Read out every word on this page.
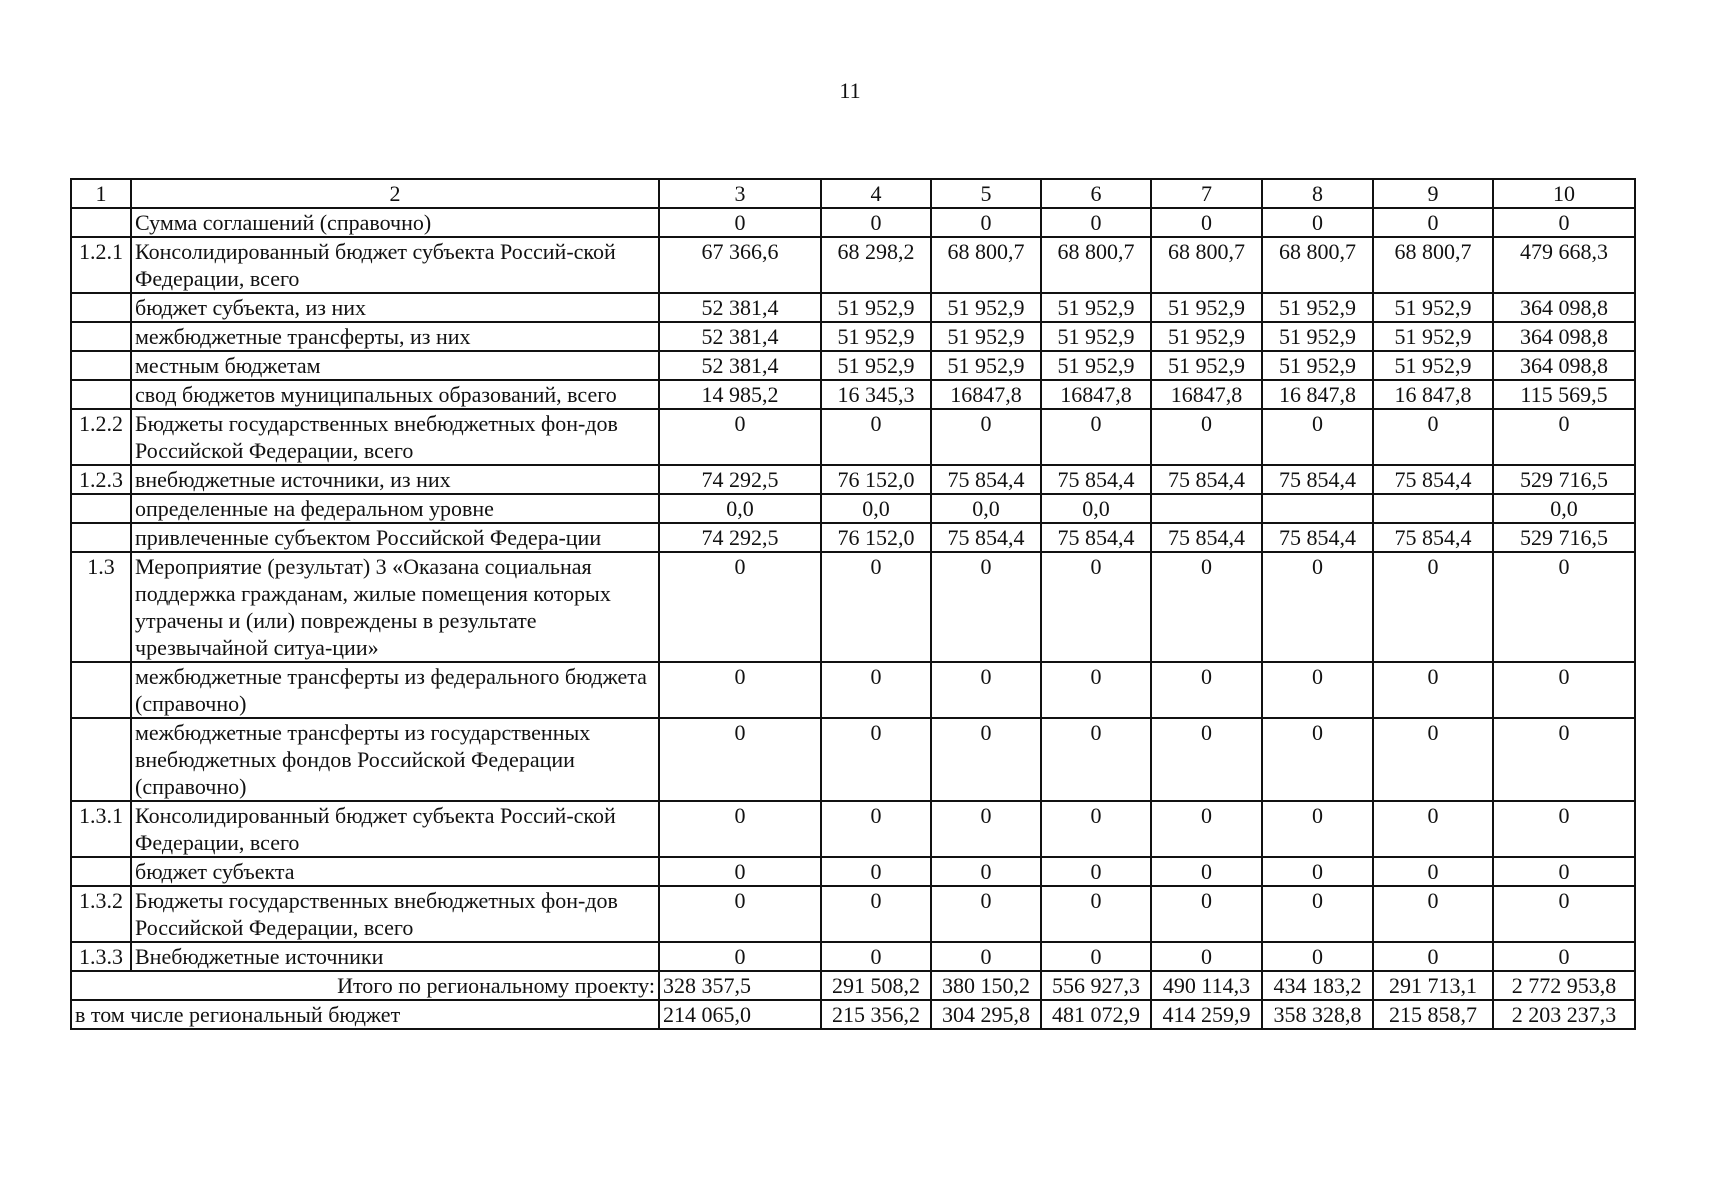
11
1	2	3	4	5	6	7	8	9	10
	Сумма соглашений (справочно)	0	0	0	0	0	0	0	0
1.2.1	Консолидированный бюджет субъекта Россий-ской Федерации, всего	67 366,6	68 298,2	68 800,7	68 800,7	68 800,7	68 800,7	68 800,7	479 668,3
	бюджет субъекта, из них	52 381,4	51 952,9	51 952,9	51 952,9	51 952,9	51 952,9	51 952,9	364 098,8
	межбюджетные трансферты, из них	52 381,4	51 952,9	51 952,9	51 952,9	51 952,9	51 952,9	51 952,9	364 098,8
	местным бюджетам	52 381,4	51 952,9	51 952,9	51 952,9	51 952,9	51 952,9	51 952,9	364 098,8
	свод бюджетов муниципальных образований, всего	14 985,2	16 345,3	16847,8	16847,8	16847,8	16 847,8	16 847,8	115 569,5
1.2.2	Бюджеты государственных внебюджетных фон-дов Российской Федерации, всего	0	0	0	0	0	0	0	0
1.2.3	внебюджетные источники, из них	74 292,5	76 152,0	75 854,4	75 854,4	75 854,4	75 854,4	75 854,4	529 716,5
	определенные на федеральном уровне	0,0	0,0	0,0	0,0				0,0
	привлеченные субъектом Российской Федера-ции	74 292,5	76 152,0	75 854,4	75 854,4	75 854,4	75 854,4	75 854,4	529 716,5
1.3	Мероприятие (результат) 3 «Оказана социальная поддержка гражданам, жилые помещения которых утрачены и (или) повреждены в результате чрезвычайной ситуа-ции»	0	0	0	0	0	0	0	0
	межбюджетные трансферты из федерального бюджета (справочно)	0	0	0	0	0	0	0	0
	межбюджетные трансферты из государственных внебюджетных фондов Российской Федерации (справочно)	0	0	0	0	0	0	0	0
1.3.1	Консолидированный бюджет субъекта Россий-ской Федерации, всего	0	0	0	0	0	0	0	0
	бюджет субъекта	0	0	0	0	0	0	0	0
1.3.2	Бюджеты государственных внебюджетных фон-дов Российской Федерации, всего	0	0	0	0	0	0	0	0
1.3.3	Внебюджетные источники	0	0	0	0	0	0	0	0
Итого по региональному проекту:		328 357,5	291 508,2	380 150,2	556 927,3	490 114,3	434 183,2	291 713,1	2 772 953,8
в том числе региональный бюджет		214 065,0	215 356,2	304 295,8	481 072,9	414 259,9	358 328,8	215 858,7	2 203 237,3
